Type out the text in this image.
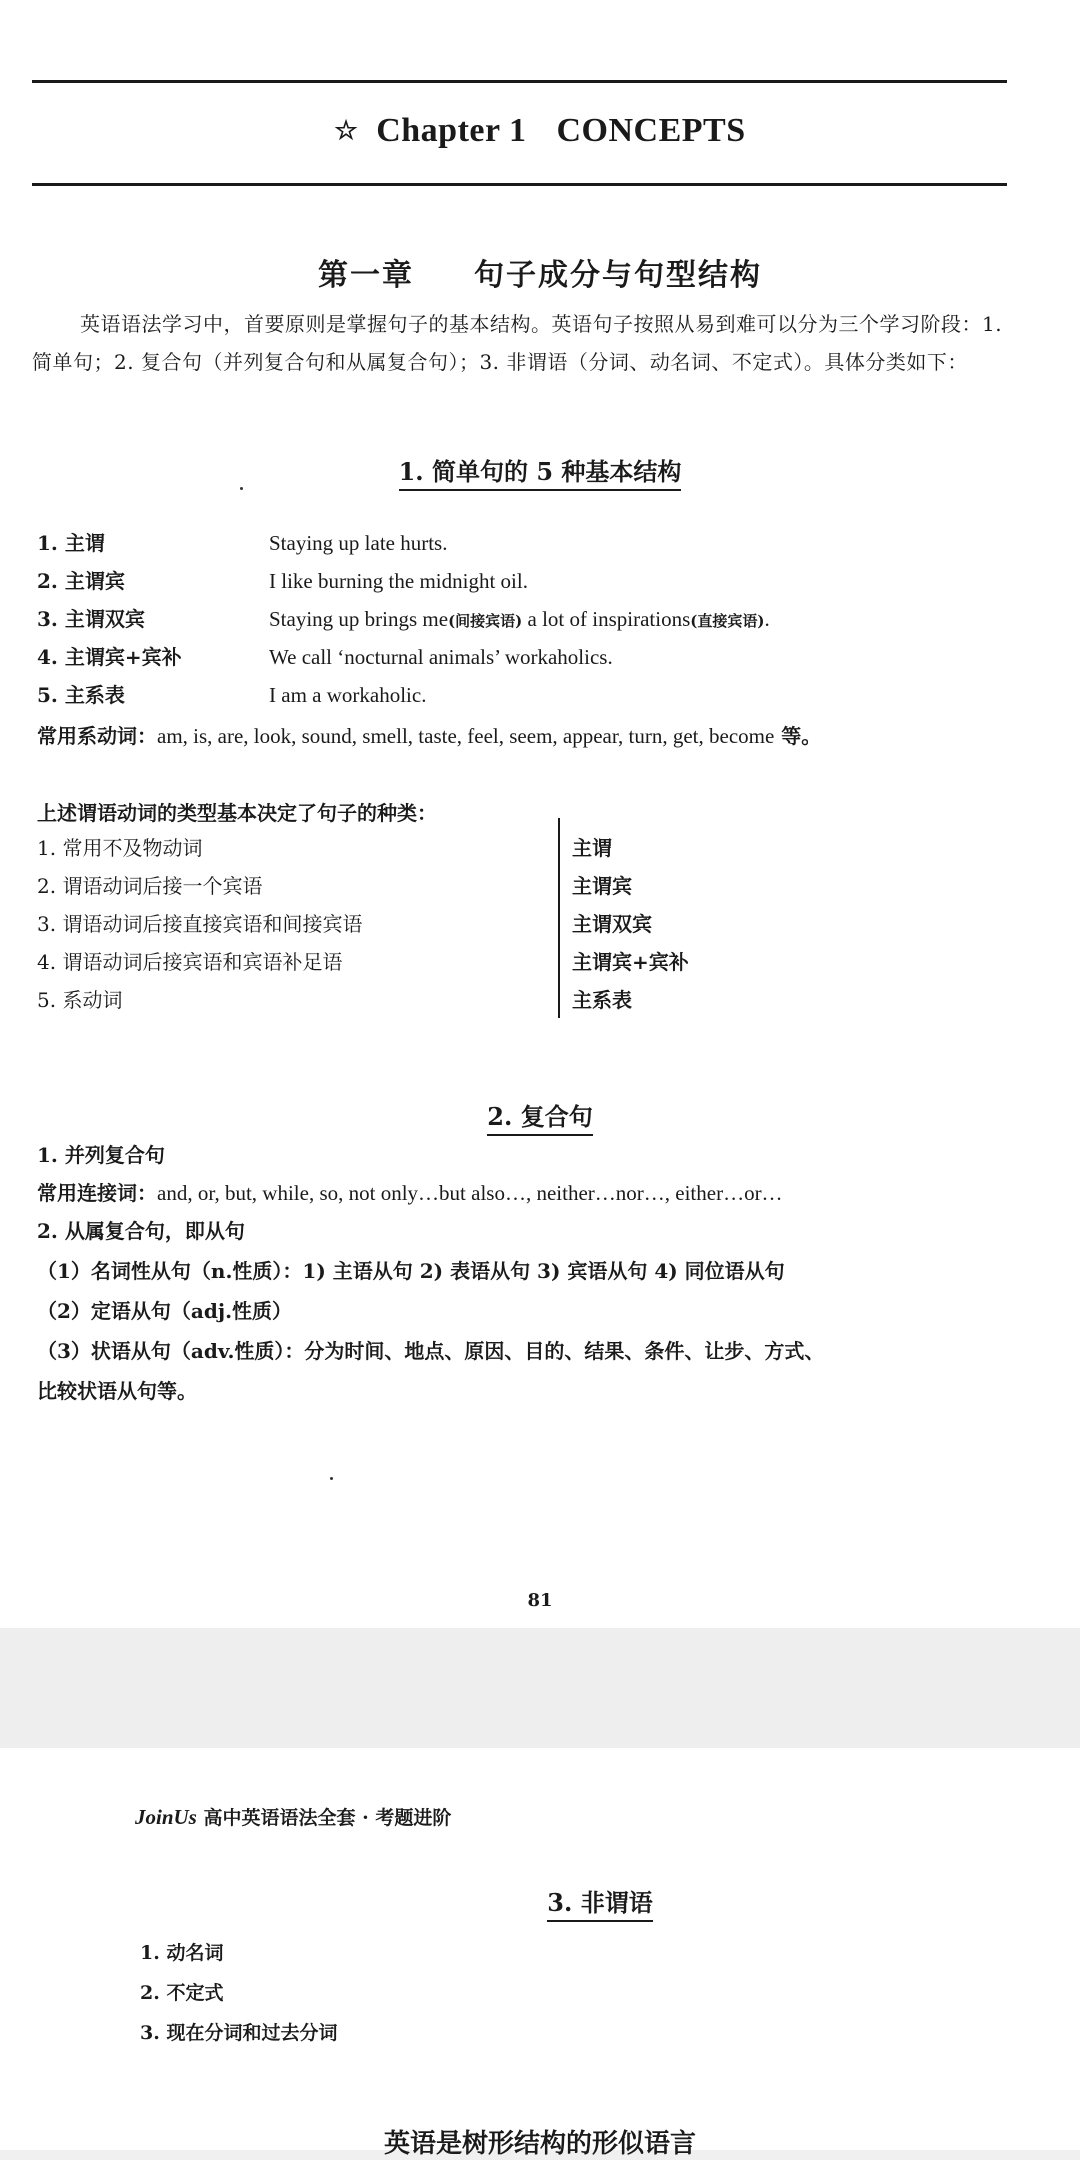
☆ Chapter 1 CONCEPTS
第一章 句子成分与句型结构
英语语法学习中，首要原则是掌握句子的基本结构。英语句子按照从易到难可以分为三个学习阶段：1. 简单句；2. 复合句（并列复合句和从属复合句）；3. 非谓语（分词、动名词、不定式）。具体分类如下：
1. 简单句的 5 种基本结构
1. 主谓	Staying up late hurts.
2. 主谓宾	I like burning the midnight oil.
3. 主谓双宾	Staying up brings me(间接宾语) a lot of inspirations(直接宾语).
4. 主谓宾+宾补	We call ‘nocturnal animals’ workaholics.
5. 主系表	I am a workaholic.
常用系动词：am, is, are, look, sound, smell, taste, feel, seem, appear, turn, get, become 等。
上述谓语动词的类型基本决定了句子的种类：
1. 常用不及物动词	主谓
2. 谓语动词后接一个宾语	主谓宾
3. 谓语动词后接直接宾语和间接宾语	主谓双宾
4. 谓语动词后接宾语和宾语补足语	主谓宾+宾补
5. 系动词	主系表
2. 复合句
1. 并列复合句
常用连接词：and, or, but, while, so, not only…but also…, neither…nor…, either…or…
2. 从属复合句，即从句
（1）名词性从句（n.性质）：1) 主语从句 2) 表语从句 3) 宾语从句 4) 同位语从句
（2）定语从句（adj.性质）
（3）状语从句（adv.性质）：分为时间、地点、原因、目的、结果、条件、让步、方式、
比较状语从句等。
81
JoinUs 高中英语语法全套 · 考题进阶
3. 非谓语
1. 动名词
2. 不定式
3. 现在分词和过去分词
英语是树形结构的形似语言
